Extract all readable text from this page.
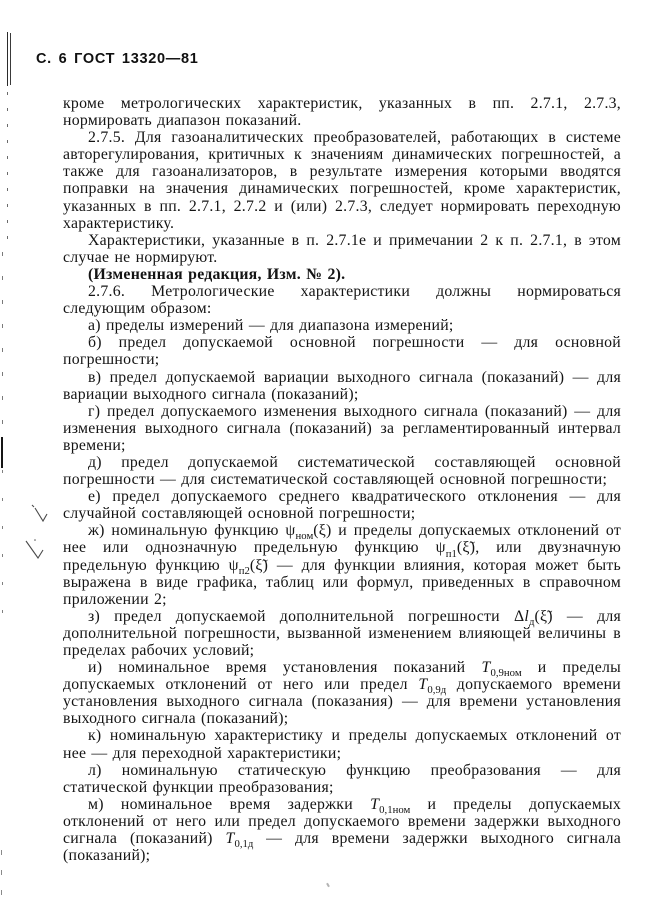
С. 6 ГОСТ 13320—81

кроме метрологических характеристик, указанных в пп. 2.7.1, 2.7.3, нормировать диапазон показаний.

2.7.5. Для газоаналитических преобразователей, работающих в системе авторегулирования, критичных к значениям динамических погрешностей, а также для газоанализаторов, в результате измерения которыми вводятся поправки на значения динамических погрешностей, кроме характеристик, указанных в пп. 2.7.1, 2.7.2 и (или) 2.7.3, следует нормировать переходную характеристику.

Характеристики, указанные в п. 2.7.1е и примечании 2 к п. 2.7.1, в этом случае не нормируют.

(Измененная редакция, Изм. № 2).

2.7.6. Метрологические характеристики должны нормироваться следующим образом:

а) пределы измерений — для диапазона измерений;

б) предел допускаемой основной погрешности — для основной погрешности;

в) предел допускаемой вариации выходного сигнала (показаний) — для вариации выходного сигнала (показаний);

г) предел допускаемого изменения выходного сигнала (показаний) — для изменения выходного сигнала (показаний) за регламентированный интервал времени;

д) предел допускаемой систематической составляющей основной погрешности — для систематической составляющей основной погрешности;

е) предел допускаемого среднего квадратического отклонения — для случайной составляющей основной погрешности;

ж) номинальную функцию $\psi_{ном}(\xi)$ и пределы допускаемых отклонений от нее или однозначную предельную функцию $\psi_{п1}(\xĩ)$, или двузначную предельную функцию $\psi_{п2}(\xĩ)$ — для функции влияния, которая может быть выражена в виде графика, таблиц или формул, приведенных в справочном приложении 2;

з) предел допускаемой дополнительной погрешности $\Delta l_д(\xĩ)$ — для дополнительной погрешности, вызванной изменением влияющей величины в пределах рабочих условий;

и) номинальное время установления показаний $T_{0,9ном}$ и пределы допускаемых отклонений от него или предел $T_{0,9д}$ допускаемого времени установления выходного сигнала (показания) — для времени установления выходного сигнала (показаний);

к) номинальную характеристику и пределы допускаемых отклонений от нее — для переходной характеристики;

л) номинальную статическую функцию преобразования — для статической функции преобразования;

м) номинальное время задержки $T_{0,1ном}$ и пределы допускаемых отклонений от него или предел допускаемого времени задержки выходного сигнала (показаний) $T_{0,1д}$ — для времени задержки выходного сигнала (показаний);
